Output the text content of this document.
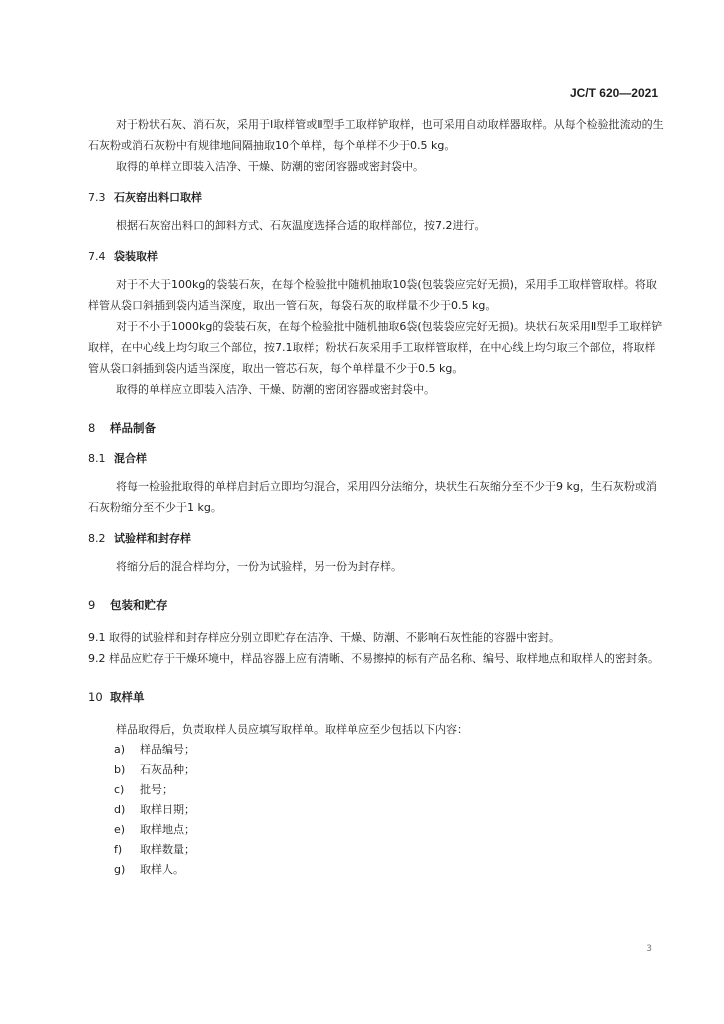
JC/T 620—2021

对于粉状石灰、消石灰，采用于Ⅰ取样管或Ⅱ型手工取样铲取样，也可采用自动取样器取样。从每个检验批流动的生石灰粉或消石灰粉中有规律地间隔抽取10个单样，每个单样不少于0.5 kg。

取得的单样立即装入洁净、干燥、防潮的密闭容器或密封袋中。

7.3 石灰窑出料口取样

根据石灰窑出料口的卸料方式、石灰温度选择合适的取样部位，按7.2进行。

7.4 袋装取样

对于不大于100kg的袋装石灰，在每个检验批中随机抽取10袋(包装袋应完好无损)，采用手工取样管取样。将取样管从袋口斜插到袋内适当深度，取出一管石灰，每袋石灰的取样量不少于0.5 kg。

对于不小于1000kg的袋装石灰，在每个检验批中随机抽取6袋(包装袋应完好无损)。块状石灰采用Ⅱ型手工取样铲取样，在中心线上均匀取三个部位，按7.1取样；粉状石灰采用手工取样管取样，在中心线上均匀取三个部位，将取样管从袋口斜插到袋内适当深度，取出一管芯石灰，每个单样量不少于0.5 kg。

取得的单样应立即装入洁净、干燥、防潮的密闭容器或密封袋中。

8 样品制备
8.1 混合样

将每一检验批取得的单样启封后立即均匀混合，采用四分法缩分，块状生石灰缩分至不少于9 kg，生石灰粉或消石灰粉缩分至不少于1 kg。

8.2 试验样和封存样

将缩分后的混合样均分，一份为试验样，另一份为封存样。

9 包装和贮存

9.1 取得的试验样和封存样应分别立即贮存在洁净、干燥、防潮、不影响石灰性能的容器中密封。

9.2 样品应贮存于干燥环境中，样品容器上应有清晰、不易擦掉的标有产品名称、编号、取样地点和取样人的密封条。

10 取样单

样品取得后，负责取样人员应填写取样单。取样单应至少包括以下内容：

a) 样品编号；
b) 石灰品种；
c) 批号；
d) 取样日期；
e) 取样地点；
f) 取样数量；
g) 取样人。
3
